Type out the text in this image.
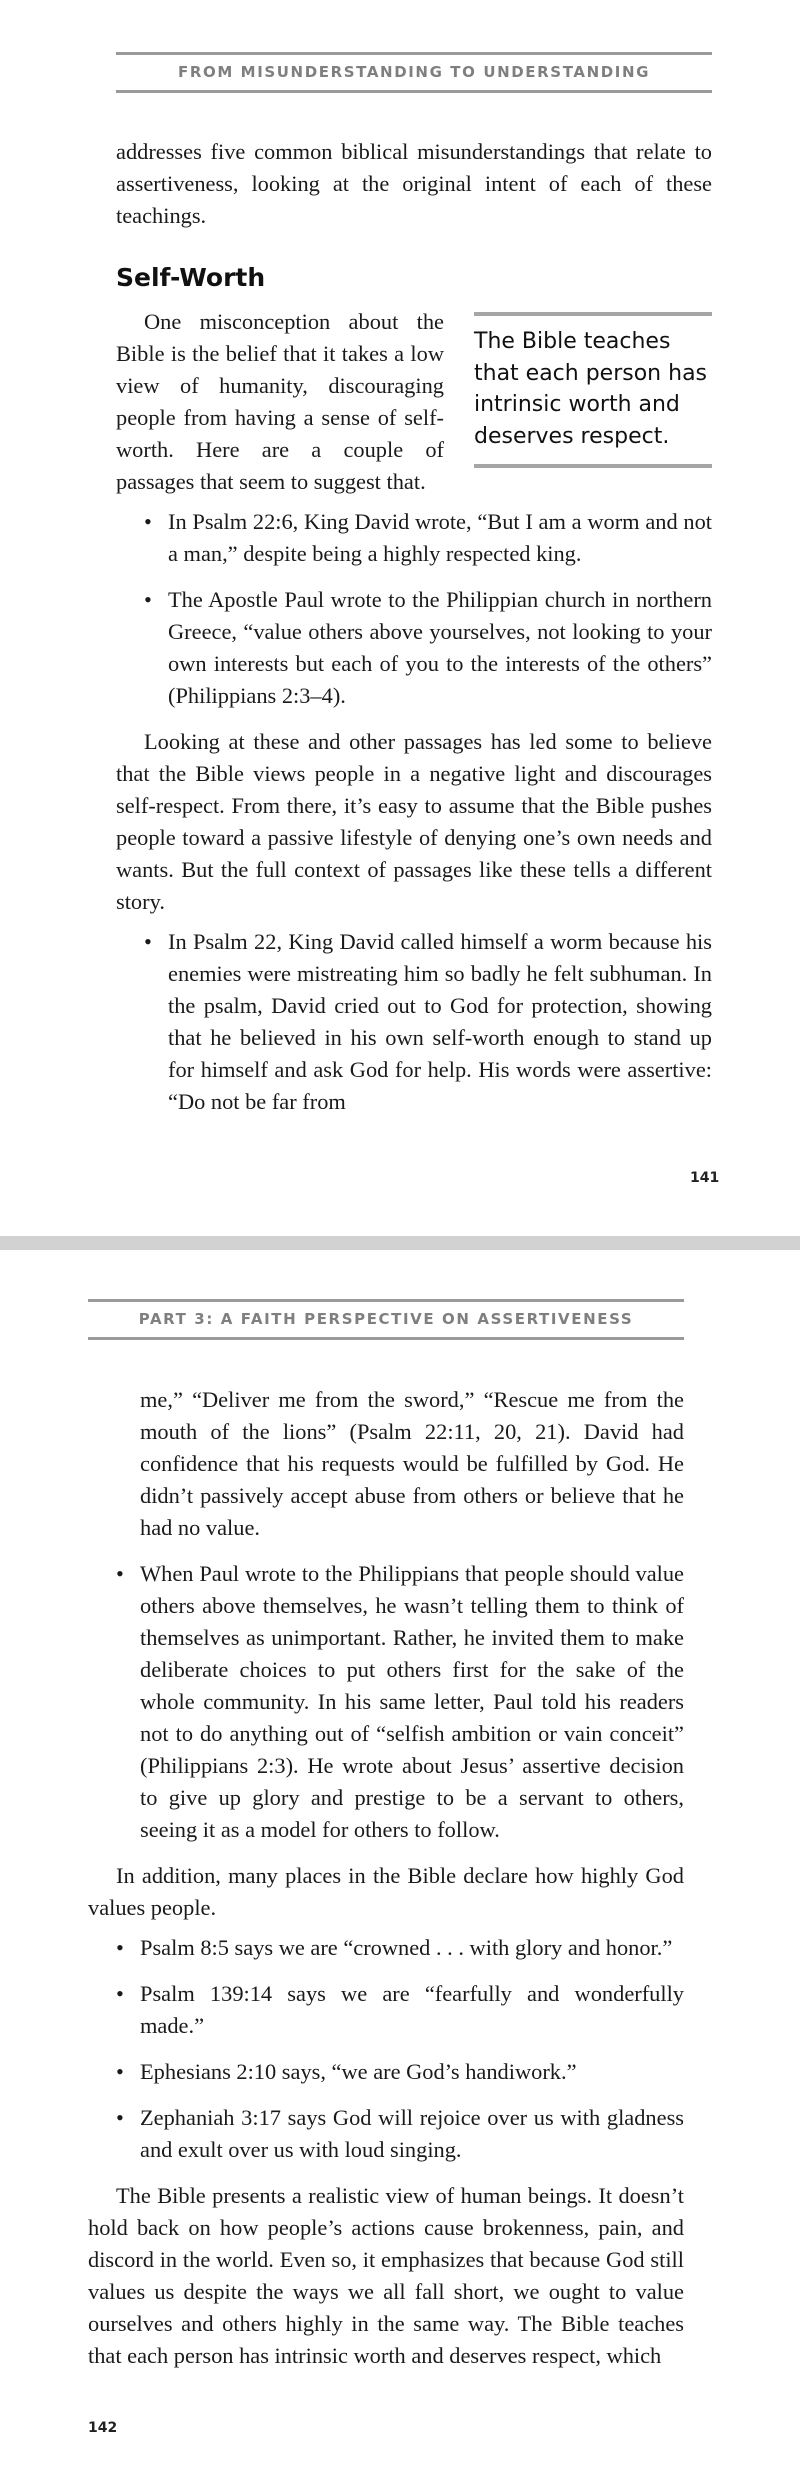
FROM MISUNDERSTANDING TO UNDERSTANDING

addresses five common biblical misunderstandings that relate to assertiveness, looking at the original intent of each of these teachings.

Self-Worth
The Bible teaches that each person has intrinsic worth and deserves respect.

One misconception about the Bible is the belief that it takes a low view of humanity, discouraging people from having a sense of self-worth. Here are a couple of passages that seem to suggest that.

• In Psalm 22:6, King David wrote, “But I am a worm and not a man,” despite being a highly respected king.
• The Apostle Paul wrote to the Philippian church in northern Greece, “value others above yourselves, not looking to your own interests but each of you to the interests of the others” (Philippians 2:3–4).

Looking at these and other passages has led some to believe that the Bible views people in a negative light and discourages self-respect. From there, it’s easy to assume that the Bible pushes people toward a passive lifestyle of denying one’s own needs and wants. But the full context of passages like these tells a different story.

• In Psalm 22, King David called himself a worm because his enemies were mistreating him so badly he felt subhuman. In the psalm, David cried out to God for protection, showing that he believed in his own self-worth enough to stand up for himself and ask God for help. His words were assertive: “Do not be far from
141
PART 3: A FAITH PERSPECTIVE ON ASSERTIVENESS

me,” “Deliver me from the sword,” “Rescue me from the mouth of the lions” (Psalm 22:11, 20, 21). David had confidence that his requests would be fulfilled by God. He didn’t passively accept abuse from others or believe that he had no value.

• When Paul wrote to the Philippians that people should value others above themselves, he wasn’t telling them to think of themselves as unimportant. Rather, he invited them to make deliberate choices to put others first for the sake of the whole community. In his same letter, Paul told his readers not to do anything out of “selfish ambition or vain conceit” (Philippians 2:3). He wrote about Jesus’ assertive decision to give up glory and prestige to be a servant to others, seeing it as a model for others to follow.

In addition, many places in the Bible declare how highly God values people.

• Psalm 8:5 says we are “crowned . . . with glory and honor.”
• Psalm 139:14 says we are “fearfully and wonderfully made.”
• Ephesians 2:10 says, “we are God’s handiwork.”
• Zephaniah 3:17 says God will rejoice over us with gladness and exult over us with loud singing.

The Bible presents a realistic view of human beings. It doesn’t hold back on how people’s actions cause brokenness, pain, and discord in the world. Even so, it emphasizes that because God still values us despite the ways we all fall short, we ought to value ourselves and others highly in the same way. The Bible teaches that each person has intrinsic worth and deserves respect, which

142
